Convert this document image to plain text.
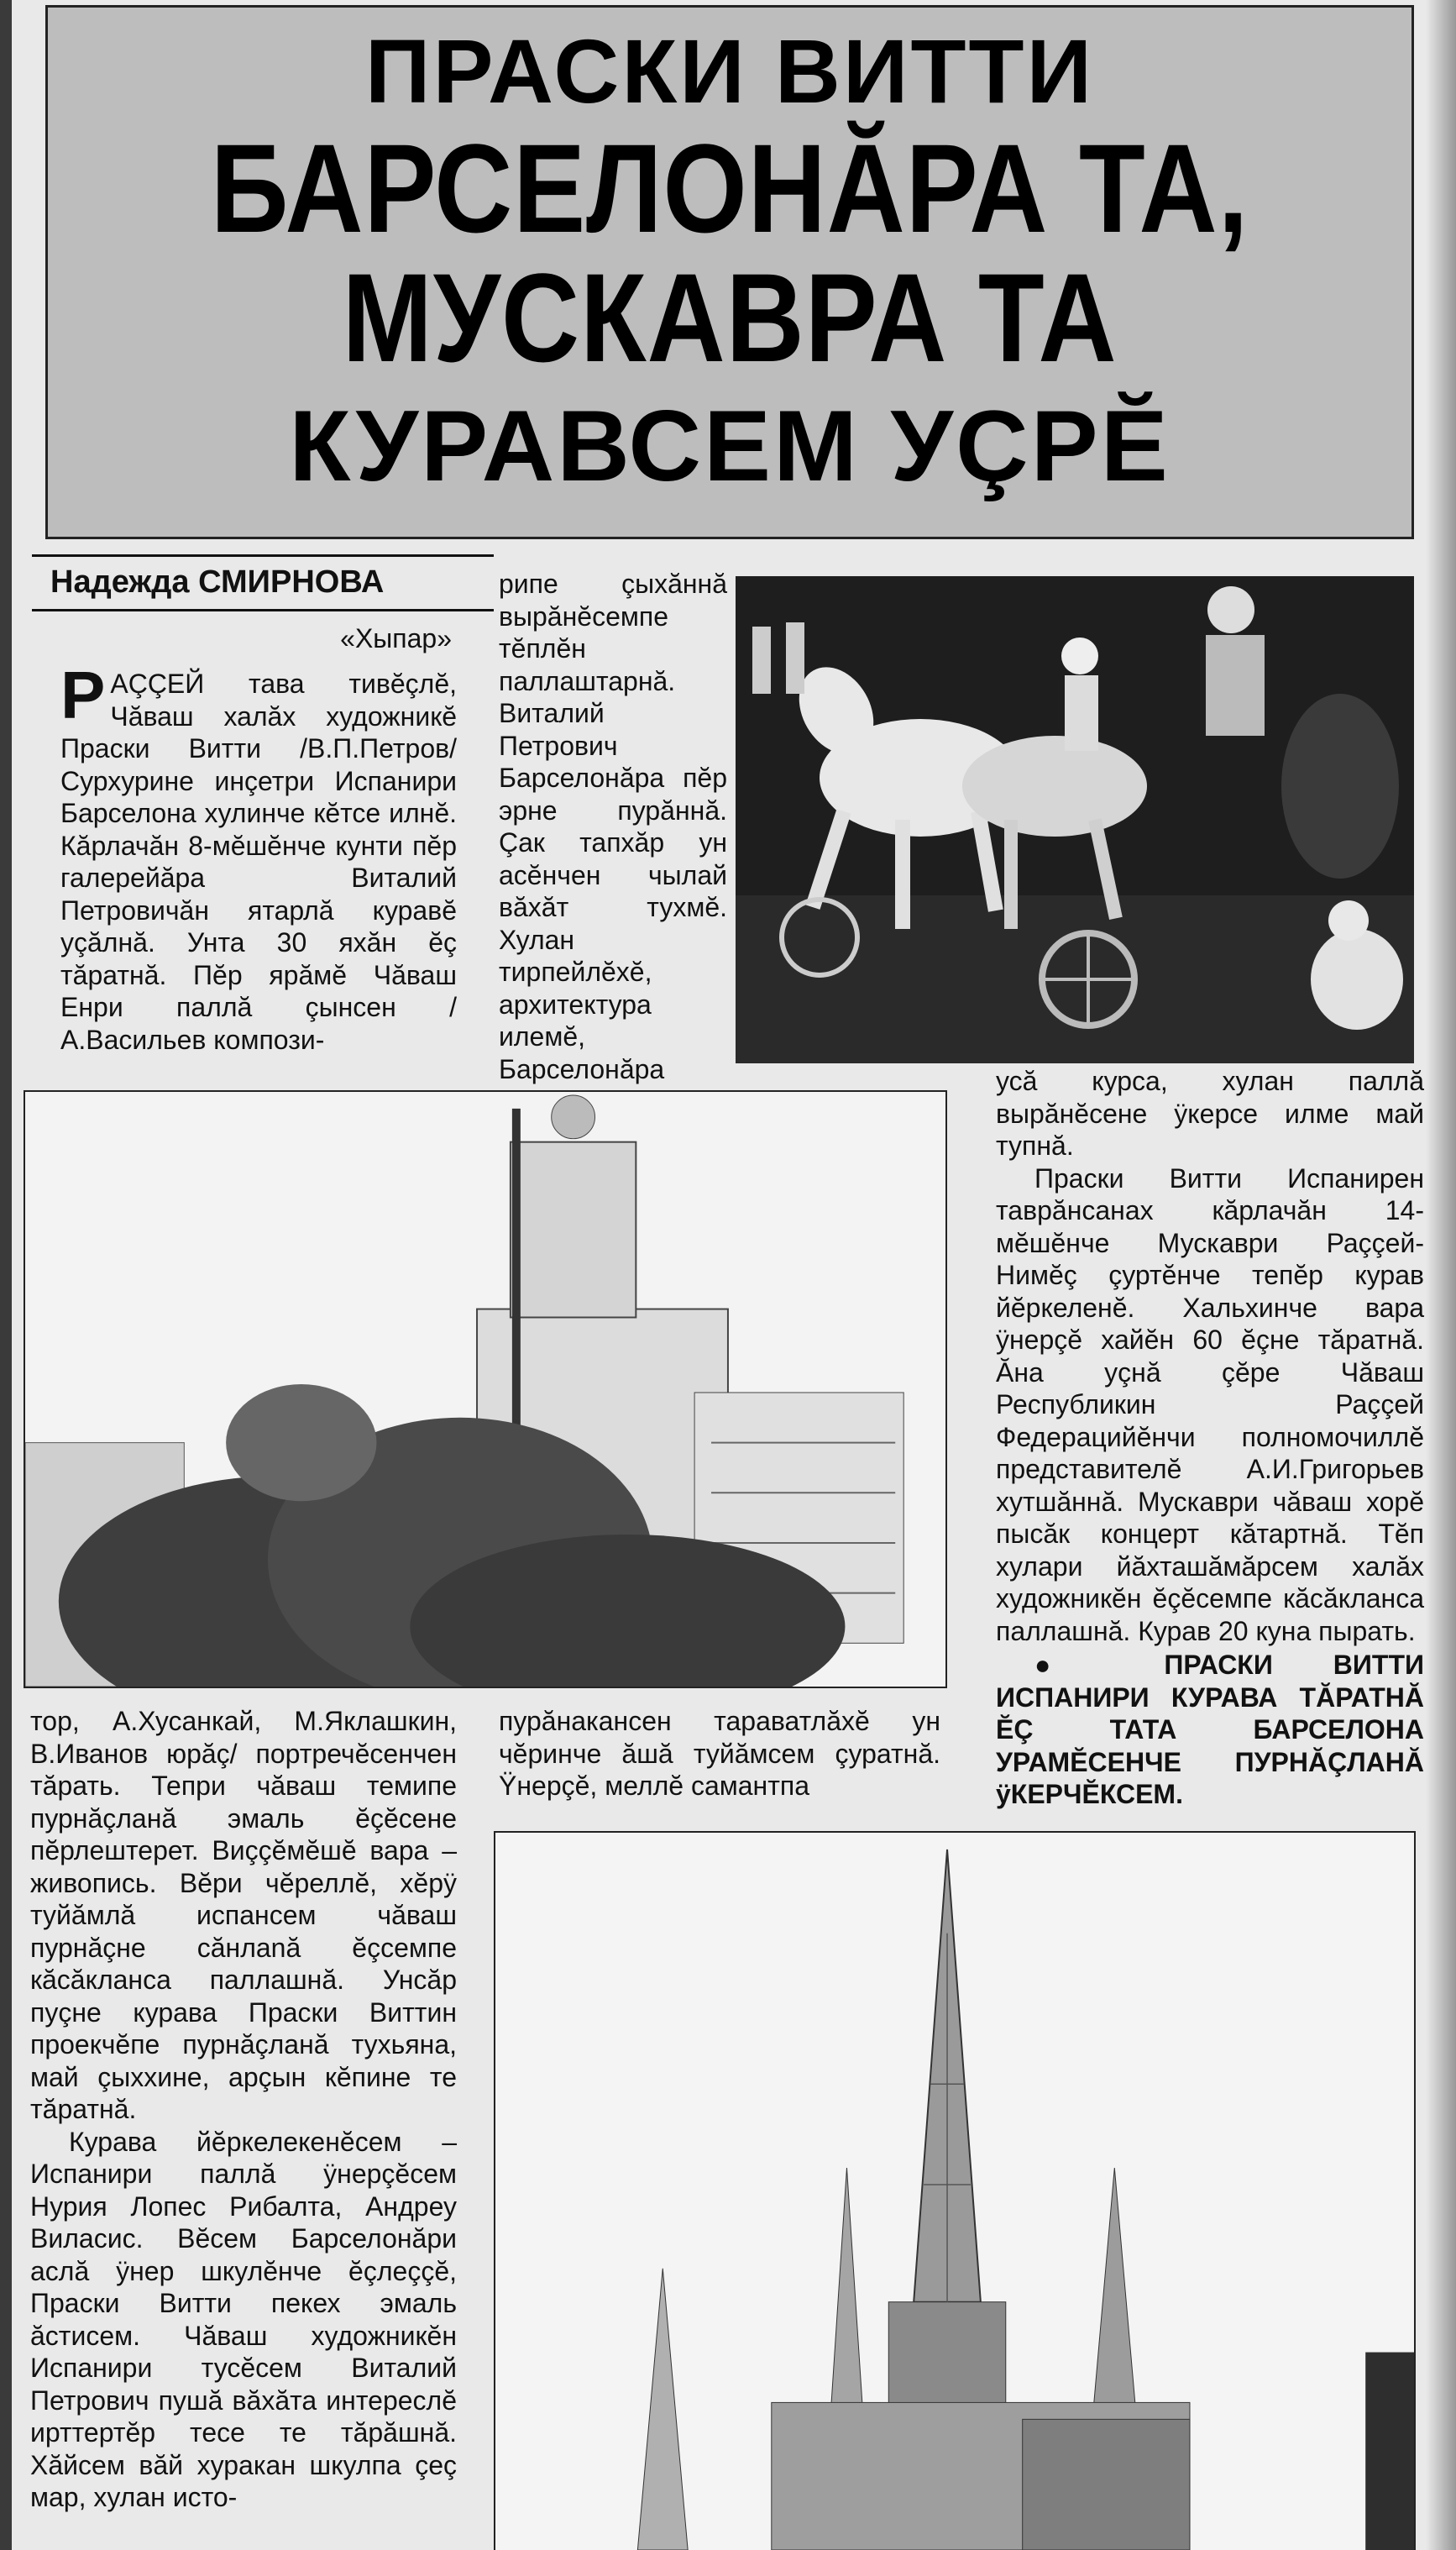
ПРАСКИ ВИТТИ
БАРСЕЛОНĂРА ТА,
МУСКАВРА ТА
КУРАВСЕМ УÇРĔ
Надежда СМИРНОВА
«Хыпар»

РАÇÇЕЙ тава тивĕçлĕ, Чăваш халăх художникĕ Праски Витти /В.П.Петров/ Сурхурине инçетри Испанири Барселона хулинче кĕтсе илнĕ. Кăрлачăн 8-мĕшĕнче кунти пĕр галерейăра Виталий Петровичăн ятарлă куравĕ уçăлнă. Унта 30 яхăн ĕç тăратнă. Пĕр ярăмĕ Чăваш Енри паллă çынсен /А.Васильев компози-

рипе çыхăннă вырăнĕсемпе тĕплĕн паллаштарнă. Виталий Петрович Барселонăра пĕр эрне пурăннă. Çак тапхăр ун асĕнчен чылай вăхăт тухмĕ. Хулан тирпейлĕхĕ, архитектура илемĕ, Барселонăра	усă курса, хулан паллă вырăнĕсене ÿкерсе илме май тупнă.

Праски Витти Испанирен таврăнсанах кăрлачăн 14-мĕшĕнче Мускаври Раççей-Нимĕç çуртĕнче тепĕр курав йĕркеленĕ. Хальхинче вара ÿнерçĕ хайĕн 60 ĕçне тăратнă. Ăна уçнă çĕре Чăваш Республикин Раççей Федерацийĕнчи полномочиллĕ представителĕ А.И.Григорьев хутшăннă. Мускаври чăваш хорĕ пысăк концерт кăтартнă. Тĕп хулари йăхташăмăрсем халăх художникĕн ĕçĕсемпе кăсăкланса паллашнă. Курав 20 куна пырать.

● ПРАСКИ ВИТТИ ИСПАНИРИ КУРАВА ТĂРАТНĂ ĔÇ ТАТА БАРСЕЛОНА УРАМĔСЕНЧЕ ПУРНĂÇЛАНĂ ÿКЕРЧĔКСЕМ.

тор, А.Хусанкай, М.Яклашкин, В.Иванов юрăç/ портречĕсенчен тăрать. Тепри чăваш темипе пурнăçланă эмаль ĕçĕсене пĕрлештерет. Виççĕмĕшĕ вара – живопись. Вĕри чĕреллĕ, хĕрÿ туйăмлă испансем чăваш пурнăçне сăнлană ĕçсемпе кăсăкланса паллашнă. Унсăр пуçне курава Праски Виттин проекчĕпе пурнăçланă тухьяна, май çыххине, арçын кĕпине те тăратнă.

Курава йĕркелекенĕсем – Испанири паллă ÿнерçĕсем Нурия Лопес Рибалта, Андреу Виласис. Вĕсем Барселонăри аслă ÿнер шкулĕнче ĕçлеççĕ, Праски Витти пекех эмаль ăстисем. Чăваш художникĕн Испанири тусĕсем Виталий Петрович пушă вăхăта интереслĕ ирттертĕр тесе те тăрăшнă. Хăйсем вăй хуракан шкулпа çеç мар, хулан исто-

пурăнакансен тараватлăхĕ ун чĕринче ăшă туйăмсем çуратнă. Ÿнерçĕ, меллĕ самантпа
